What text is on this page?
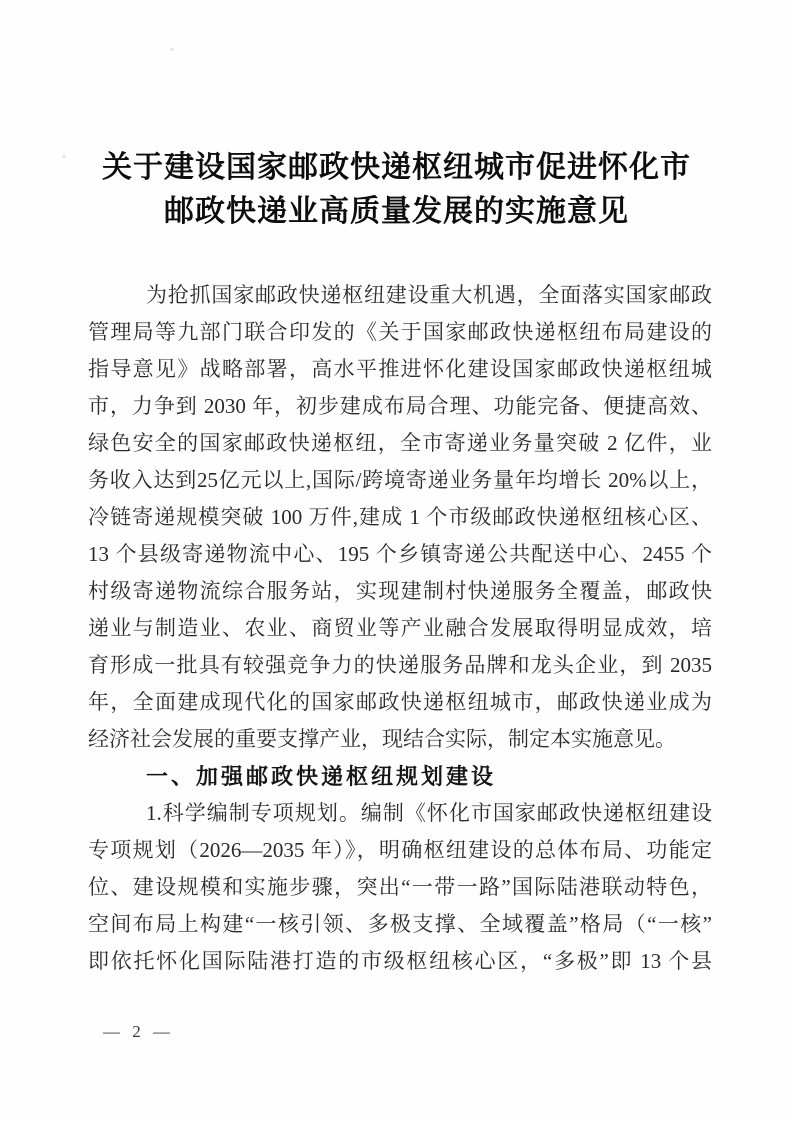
关于建设国家邮政快递枢纽城市促进怀化市
邮政快递业高质量发展的实施意见
为抢抓国家邮政快递枢纽建设重大机遇，全面落实国家邮政
管理局等九部门联合印发的《关于国家邮政快递枢纽布局建设的
指导意见》战略部署，高水平推进怀化建设国家邮政快递枢纽城
市，力争到 2030 年，初步建成布局合理、功能完备、便捷高效、
绿色安全的国家邮政快递枢纽，全市寄递业务量突破 2 亿件，业
务收入达到25亿元以上,国际/跨境寄递业务量年均增长 20%以上，
冷链寄递规模突破 100 万件,建成 1 个市级邮政快递枢纽核心区、
13 个县级寄递物流中心、195 个乡镇寄递公共配送中心、2455 个
村级寄递物流综合服务站，实现建制村快递服务全覆盖，邮政快
递业与制造业、农业、商贸业等产业融合发展取得明显成效，培
育形成一批具有较强竞争力的快递服务品牌和龙头企业，到 2035
年，全面建成现代化的国家邮政快递枢纽城市，邮政快递业成为
经济社会发展的重要支撑产业，现结合实际，制定本实施意见。
一、加强邮政快递枢纽规划建设
1.科学编制专项规划。编制《怀化市国家邮政快递枢纽建设
专项规划（2026—2035 年）》，明确枢纽建设的总体布局、功能定
位、建设规模和实施步骤，突出“一带一路”国际陆港联动特色，
空间布局上构建“一核引领、多极支撑、全域覆盖”格局（“一核”
即依托怀化国际陆港打造的市级枢纽核心区，“多极”即 13 个县
— 2 —
